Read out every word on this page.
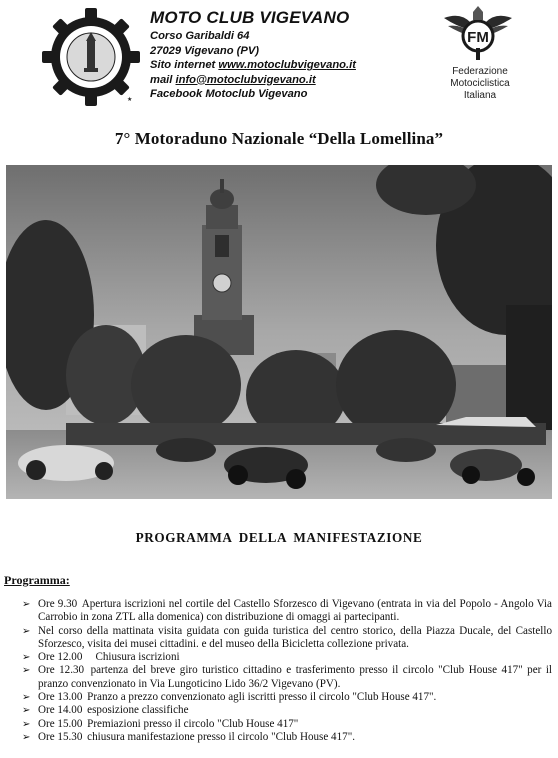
★
MOTO CLUB VIGEVANO
Corso Garibaldi 64
27029 Vigevano (PV)
Sito internet www.motoclubvigevano.it
mail info@motoclubvigevano.it
Facebook Motoclub Vigevano
FM
Federazione
Motociclistica
Italiana
7° Motoraduno Nazionale “Della Lomellina”
PROGRAMMA DELLA MANIFESTAZIONE
Programma:
➢ Ore 9.30 Apertura iscrizioni nel cortile del Castello Sforzesco di Vigevano (entrata in via del Popolo - Angolo Via Carrobio in zona ZTL alla domenica) con distribuzione di omaggi ai partecipanti.
➢ Nel corso della mattinata visita guidata con guida turistica del centro storico, della Piazza Ducale, del Castello Sforzesco, visita dei musei cittadini. e del museo della Bicicletta collezione privata.
➢ Ore 12.00 Chiusura iscrizioni
➢ Ore 12.30 partenza del breve giro turistico cittadino e trasferimento presso il circolo "Club House 417" per il pranzo convenzionato in Via Lungoticino Lido 36/2 Vigevano (PV).
➢ Ore 13.00 Pranzo a prezzo convenzionato agli iscritti presso il circolo "Club House 417".
➢ Ore 14.00 esposizione classifiche
➢ Ore 15.00 Premiazioni presso il circolo "Club House 417"
➢ Ore 15.30 chiusura manifestazione presso il circolo "Club House 417".
